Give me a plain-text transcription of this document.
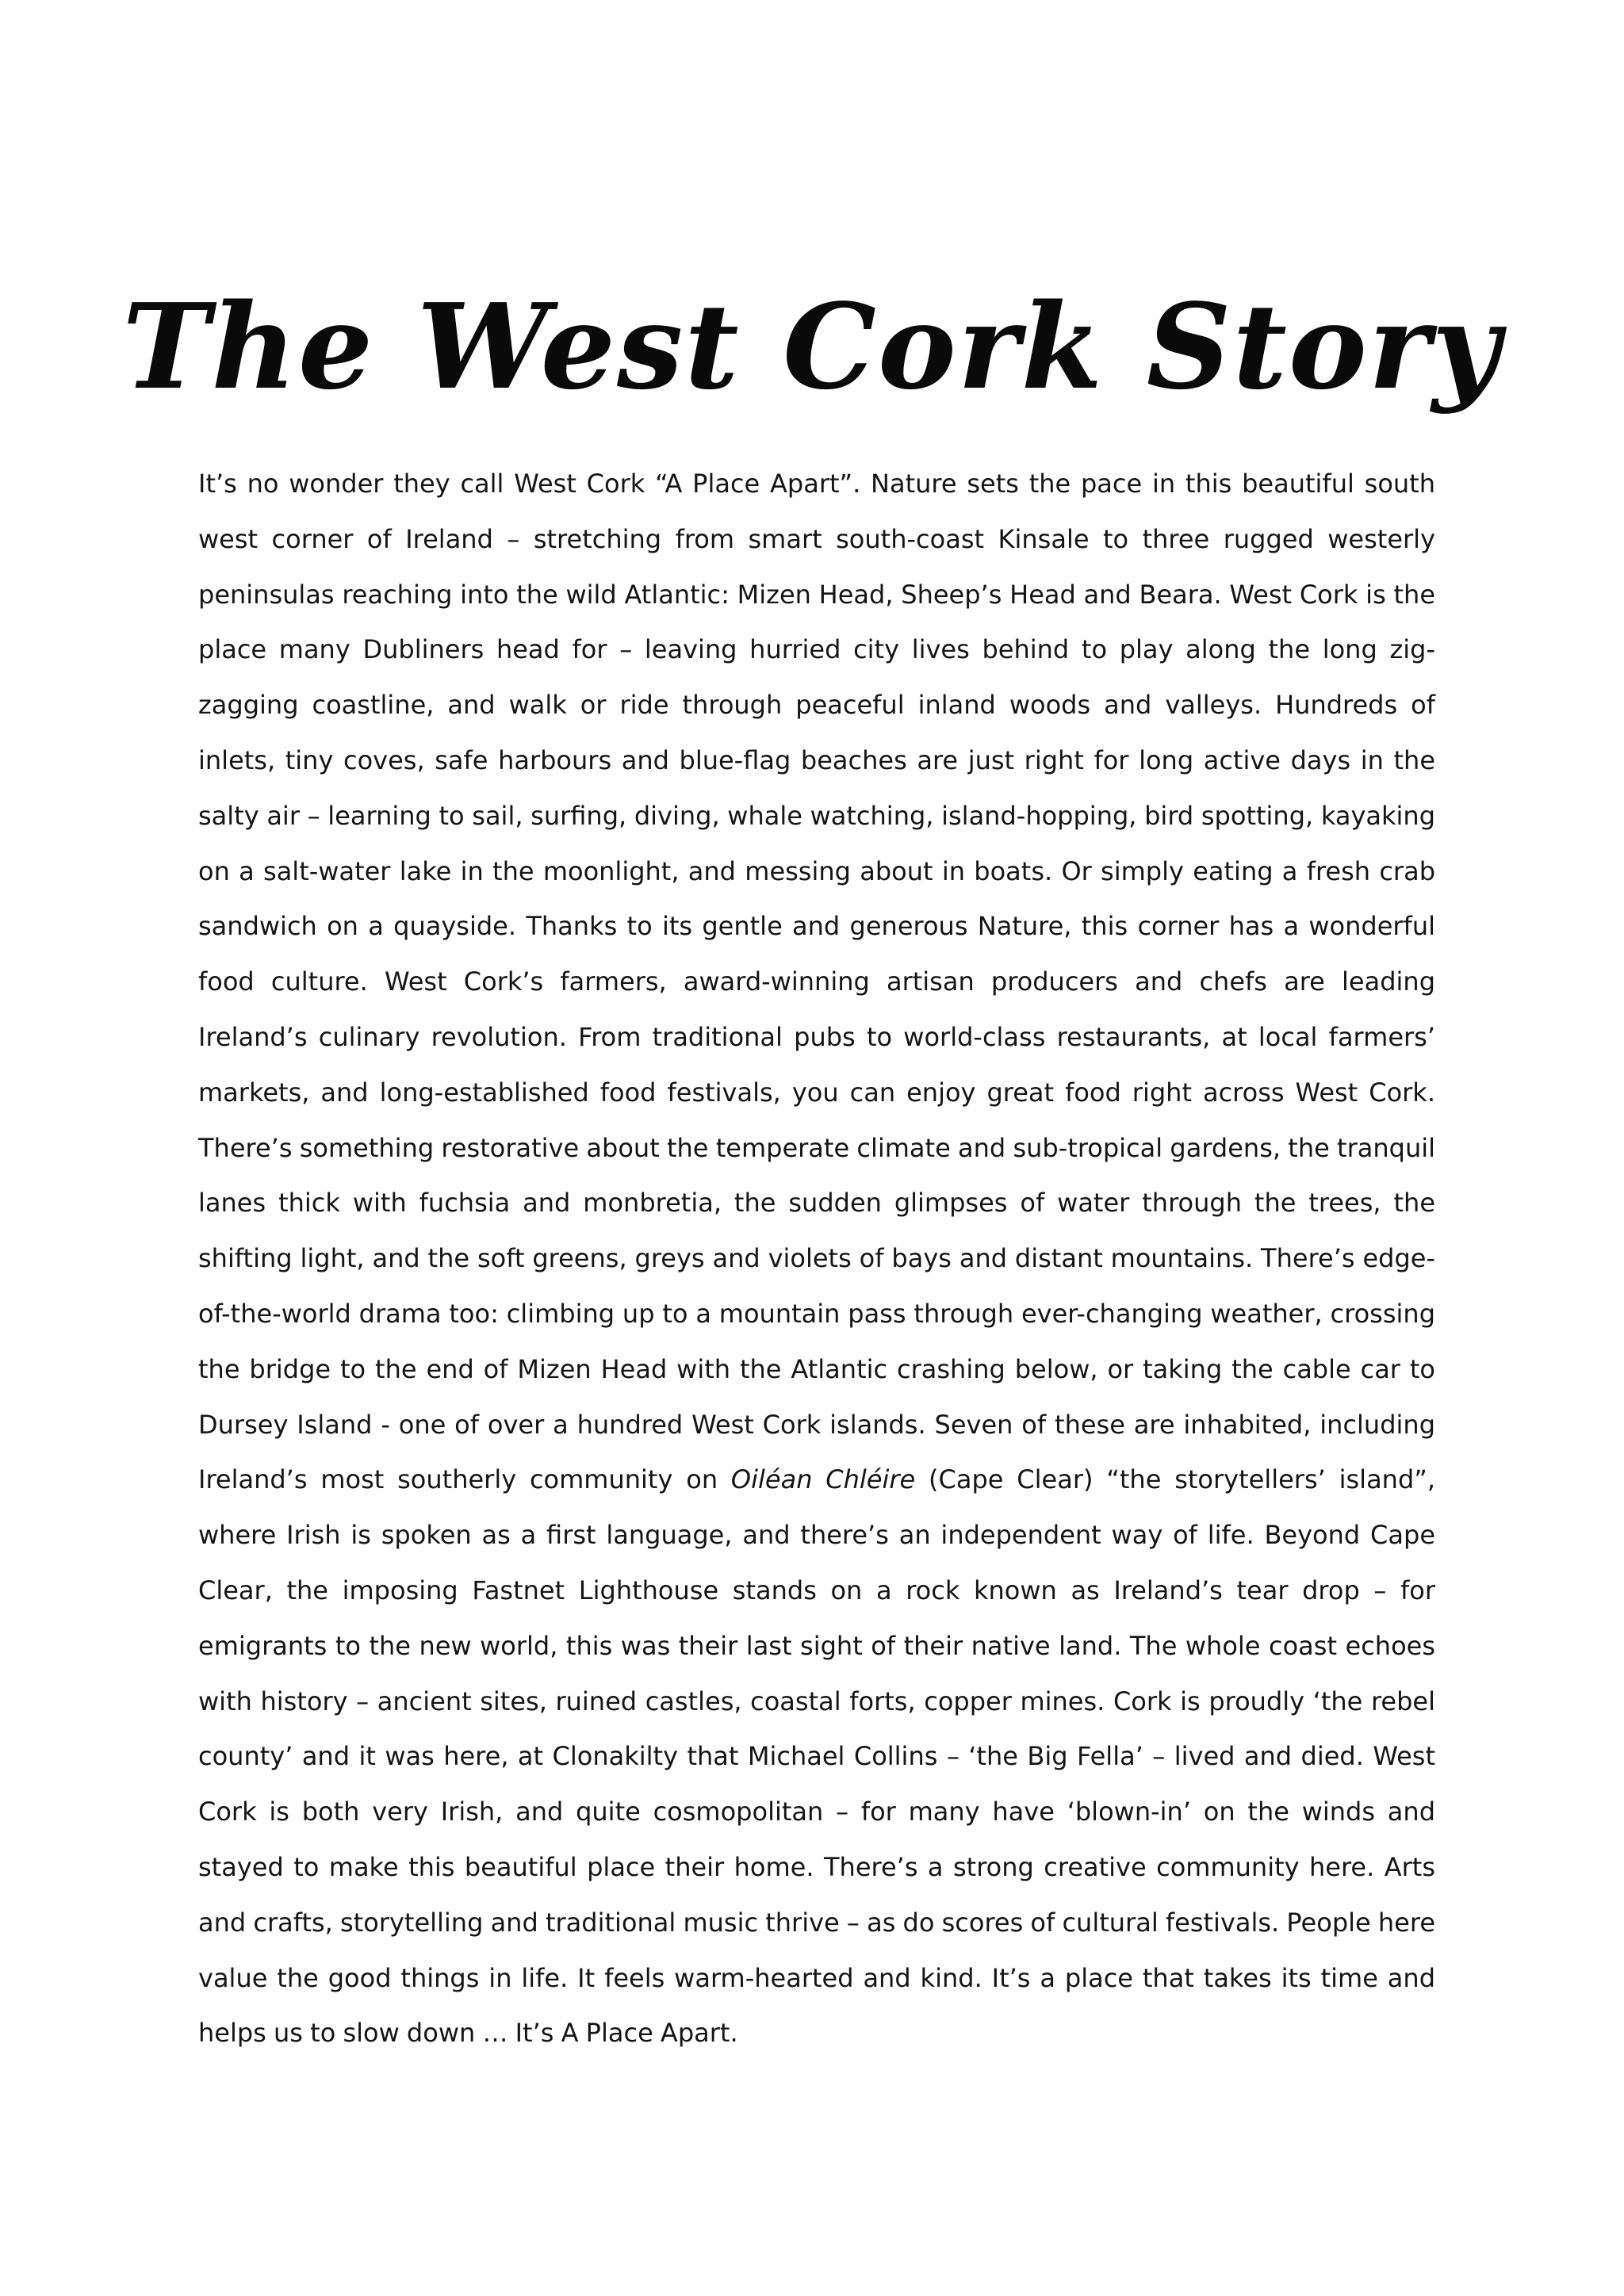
The West Cork Story

It’s no wonder they call West Cork “A Place Apart”. Nature sets the pace in this beautiful south west corner of Ireland – stretching from smart south-coast Kinsale to three rugged westerly peninsulas reaching into the wild Atlantic: Mizen Head, Sheep’s Head and Beara. West Cork is the place many Dubliners head for – leaving hurried city lives behind to play along the long zig-zagging coastline, and walk or ride through peaceful inland woods and valleys. Hundreds of inlets, tiny coves, safe harbours and blue-flag beaches are just right for long active days in the salty air – learning to sail, surfing, diving, whale watching, island-hopping, bird spotting, kayaking on a salt-water lake in the moonlight, and messing about in boats. Or simply eating a fresh crab sandwich on a quayside. Thanks to its gentle and generous Nature, this corner has a wonderful food culture. West Cork’s farmers, award-winning artisan producers and chefs are leading Ireland’s culinary revolution. From traditional pubs to world-class restaurants, at local farmers’ markets, and long-established food festivals, you can enjoy great food right across West Cork. There’s something restorative about the temperate climate and sub-tropical gardens, the tranquil lanes thick with fuchsia and monbretia, the sudden glimpses of water through the trees, the shifting light, and the soft greens, greys and violets of bays and distant mountains. There’s edge-of-the-world drama too: climbing up to a mountain pass through ever-changing weather, crossing the bridge to the end of Mizen Head with the Atlantic crashing below, or taking the cable car to Dursey Island - one of over a hundred West Cork islands. Seven of these are inhabited, including Ireland’s most southerly community on Oiléan Chléire (Cape Clear) “the storytellers’ island”, where Irish is spoken as a first language, and there’s an independent way of life. Beyond Cape Clear, the imposing Fastnet Lighthouse stands on a rock known as Ireland’s tear drop – for emigrants to the new world, this was their last sight of their native land. The whole coast echoes with history – ancient sites, ruined castles, coastal forts, copper mines. Cork is proudly ‘the rebel county’ and it was here, at Clonakilty that Michael Collins – ‘the Big Fella’ – lived and died. West Cork is both very Irish, and quite cosmopolitan – for many have ‘blown-in’ on the winds and stayed to make this beautiful place their home. There’s a strong creative community here. Arts and crafts, storytelling and traditional music thrive – as do scores of cultural festivals. People here value the good things in life. It feels warm-hearted and kind. It’s a place that takes its time and helps us to slow down … It’s A Place Apart.
